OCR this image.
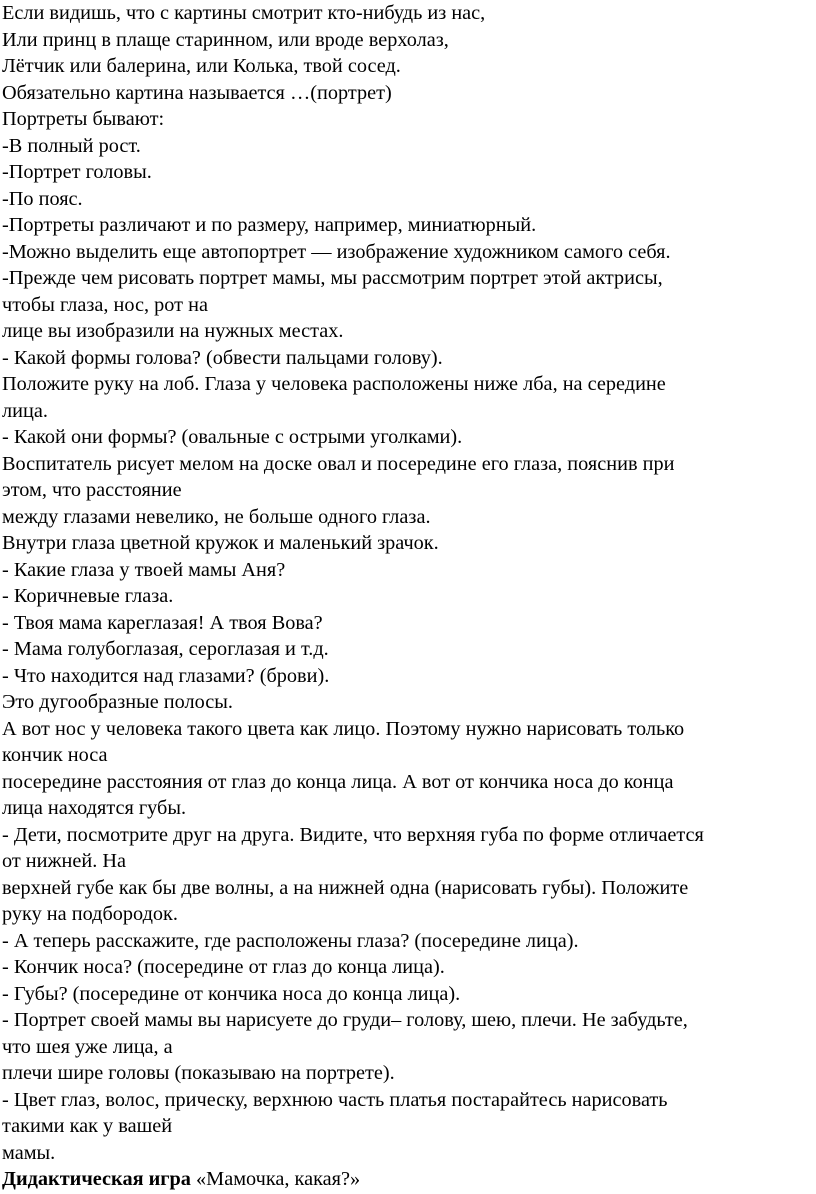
Если видишь, что с картины смотрит кто-нибудь из нас,
Или принц в плаще старинном, или вроде верхолаз,
Лётчик или балерина, или Колька, твой сосед.
Обязательно картина называется …(портрет)
Портреты бывают:
-В полный рост.
-Портрет головы.
-По пояс.
-Портреты различают и по размеру, например, миниатюрный.
-Можно выделить еще автопортрет — изображение художником самого себя.
-Прежде чем рисовать портрет мамы, мы рассмотрим портрет этой актрисы,
чтобы глаза, нос, рот на
лице вы изобразили на нужных местах.
- Какой формы голова? (обвести пальцами голову).
Положите руку на лоб. Глаза у человека расположены ниже лба, на середине
лица.
- Какой они формы? (овальные с острыми уголками).
Воспитатель рисует мелом на доске овал и посередине его глаза, пояснив при
этом, что расстояние
между глазами невелико, не больше одного глаза.
Внутри глаза цветной кружок и маленький зрачок.
- Какие глаза у твоей мамы Аня?
- Коричневые глаза.
- Твоя мама кареглазая! А твоя Вова?
- Мама голубоглазая, сероглазая и т.д.
- Что находится над глазами? (брови).
Это дугообразные полосы.
А вот нос у человека такого цвета как лицо. Поэтому нужно нарисовать только
кончик носа
посередине расстояния от глаз до конца лица. А вот от кончика носа до конца
лица находятся губы.
- Дети, посмотрите друг на друга. Видите, что верхняя губа по форме отличается
от нижней. На
верхней губе как бы две волны, а на нижней одна (нарисовать губы). Положите
руку на подбородок.
- А теперь расскажите, где расположены глаза? (посередине лица).
- Кончик носа? (посередине от глаз до конца лица).
- Губы? (посередине от кончика носа до конца лица).
- Портрет своей мамы вы нарисуете до груди– голову, шею, плечи. Не забудьте,
что шея уже лица, а
плечи шире головы (показываю на портрете).
- Цвет глаз, волос, прическу, верхнюю часть платья постарайтесь нарисовать
такими как у вашей
мамы.
Дидактическая игра «Мамочка, какая?»
